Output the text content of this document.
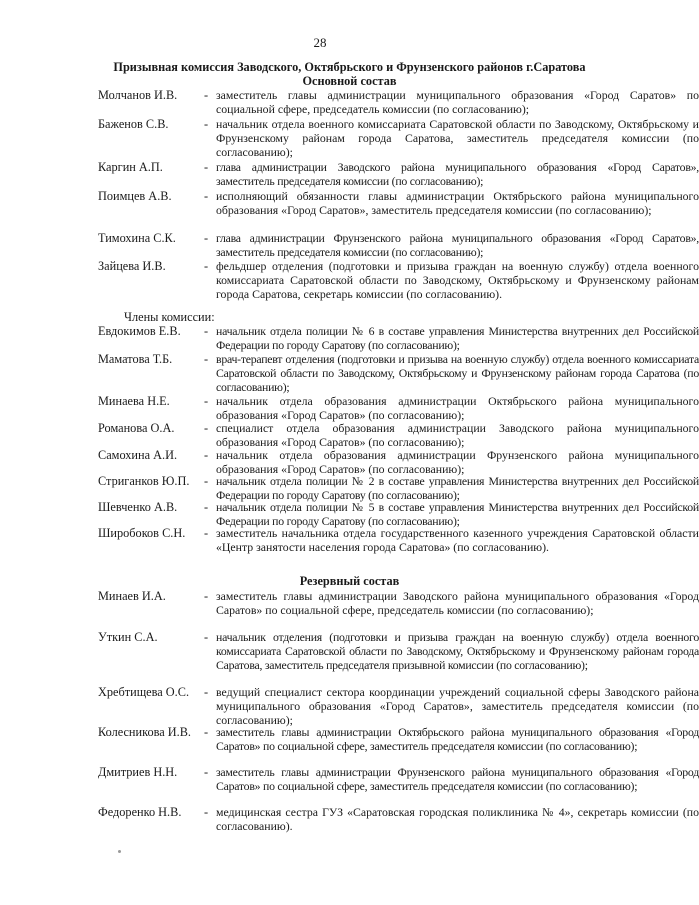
28
Призывная комиссия Заводского, Октябрьского и Фрунзенского районов г.Саратова
Основной состав
Молчанов И.В. - заместитель главы администрации муниципального образования «Город Саратов» по социальной сфере, председатель комиссии (по согласованию);
Баженов С.В.	- начальник отдела военного комиссариата Саратовской области по Заводскому, Октябрьскому и Фрунзенскому районам города Саратова, заместитель председателя комиссии (по согласованию);
Каргин А.П.	- глава администрации Заводского района муниципального образования «Город Саратов», заместитель председателя комиссии (по согласованию);
Поимцев А.В.	- исполняющий обязанности главы администрации Октябрьского района муниципального образования «Город Саратов», заместитель председателя комиссии (по согласованию);
Тимохина С.К. - глава администрации Фрунзенского района муниципального образования «Город Саратов», заместитель председателя комиссии (по согласованию);
Зайцева И.В.	- фельдшер отделения (подготовки и призыва граждан на военную службу) отдела военного комиссариата Саратовской области по Заводскому, Октябрьскому и Фрунзенскому районам города Саратова, секретарь комиссии (по согласованию).
Члены комиссии:
Евдокимов Е.В. - начальник отдела полиции № 6 в составе управления Министерства внутренних дел Российской Федерации по городу Саратову (по согласованию);
Маматова Т.Б.	- врач-терапевт отделения (подготовки и призыва на военную службу) отдела военного комиссариата Саратовской области по Заводскому, Октябрьскому и Фрунзенскому районам города Саратова (по согласованию);
Минаева Н.Е.	- начальник отдела образования администрации Октябрьского района муниципального образования «Город Саратов» (по согласованию);
Романова О.А. - специалист отдела образования администрации Заводского района муниципального образования «Город Саратов» (по согласованию);
Самохина А.И. - начальник отдела образования администрации Фрунзенского района муниципального образования «Город Саратов» (по согласованию);
Стриганков Ю.П. - начальник отдела полиции № 2 в составе управления Министерства внутренних дел Российской Федерации по городу Саратову (по согласованию);
Шевченко А.В. - начальник отдела полиции № 5 в составе управления Министерства внутренних дел Российской Федерации по городу Саратову (по согласованию);
Широбоков С.Н. - заместитель начальника отдела государственного казенного учреждения Саратовской области «Центр занятости населения города Саратова» (по согласованию).
Резервный состав
Минаев И.А.	- заместитель главы администрации Заводского района муниципального образования «Город Саратов» по социальной сфере, председатель комиссии (по согласованию);
Уткин С.А.	- начальник отделения (подготовки и призыва граждан на военную службу) отдела военного комиссариата Саратовской области по Заводскому, Октябрьскому и Фрунзенскому районам города Саратова, заместитель председателя призывной комиссии (по согласованию);
Хребтищева О.С. - ведущий специалист сектора координации учреждений социальной сферы Заводского района муниципального образования «Город Саратов», заместитель председателя комиссии (по согласованию);
Колесникова И.В. - заместитель главы администрации Октябрьского района муниципального образования «Город Саратов» по социальной сфере, заместитель председателя комиссии (по согласованию);
Дмитриев Н.Н. - заместитель главы администрации Фрунзенского района муниципального образования «Город Саратов» по социальной сфере, заместитель председателя комиссии (по согласованию);
Федоренко Н.В. - медицинская сестра ГУЗ «Саратовская городская поликлиника № 4», секретарь комиссии (по согласованию).
